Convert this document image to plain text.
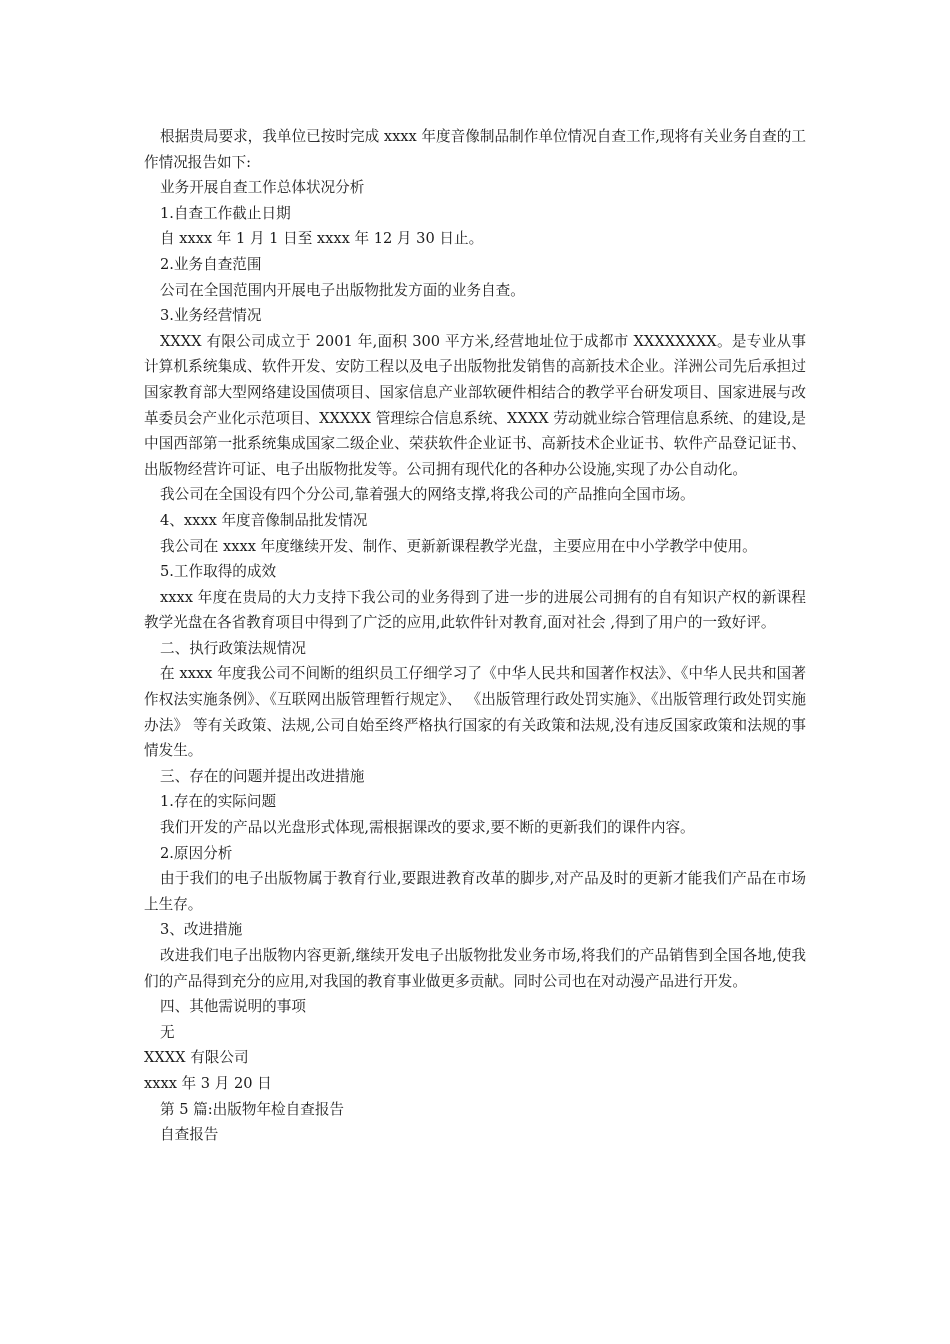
根据贵局要求，我单位已按时完成 xxxx 年度音像制品制作单位情况自查工作,现将有关业务自查的工作情况报告如下:

业务开展自查工作总体状况分析

1.自查工作截止日期

自 xxxx 年 1 月 1 日至 xxxx 年 12 月 30 日止。

2.业务自查范围

公司在全国范围内开展电子出版物批发方面的业务自查。

3.业务经营情况

XXXX 有限公司成立于 2001 年,面积 300 平方米,经营地址位于成都市 XXXXXXXX。是专业从事计算机系统集成、软件开发、安防工程以及电子出版物批发销售的高新技术企业。洋洲公司先后承担过国家教育部大型网络建设国债项目、国家信息产业部软硬件相结合的教学平台研发项目、国家进展与改革委员会产业化示范项目、XXXXX 管理综合信息系统、XXXX 劳动就业综合管理信息系统、的建设,是中国西部第一批系统集成国家二级企业、荣获软件企业证书、高新技术企业证书、软件产品登记证书、出版物经营许可证、电子出版物批发等。公司拥有现代化的各种办公设施,实现了办公自动化。

我公司在全国设有四个分公司,靠着强大的网络支撑,将我公司的产品推向全国市场。

4、xxxx 年度音像制品批发情况

我公司在 xxxx 年度继续开发、制作、更新新课程教学光盘，主要应用在中小学教学中使用。

5.工作取得的成效

xxxx 年度在贵局的大力支持下我公司的业务得到了进一步的进展公司拥有的自有知识产权的新课程教学光盘在各省教育项目中得到了广泛的应用,此软件针对教育,面对社会 ,得到了用户的一致好评。

二、执行政策法规情况

在 xxxx 年度我公司不间断的组织员工仔细学习了《中华人民共和国著作权法》、《中华人民共和国著作权法实施条例》、《互联网出版管理暂行规定》、 《出版管理行政处罚实施》、《出版管理行政处罚实施办法》 等有关政策、法规,公司自始至终严格执行国家的有关政策和法规,没有违反国家政策和法规的事情发生。

三、存在的问题并提出改进措施

1.存在的实际问题

我们开发的产品以光盘形式体现,需根据课改的要求,要不断的更新我们的课件内容。

2.原因分析

由于我们的电子出版物属于教育行业,要跟进教育改革的脚步,对产品及时的更新才能我们产品在市场上生存。

3、改进措施

改进我们电子出版物内容更新,继续开发电子出版物批发业务市场,将我们的产品销售到全国各地,使我们的产品得到充分的应用,对我国的教育事业做更多贡献。同时公司也在对动漫产品进行开发。

四、其他需说明的事项

无

XXXX 有限公司

xxxx 年 3 月 20 日

第 5 篇:出版物年检自查报告

自查报告
